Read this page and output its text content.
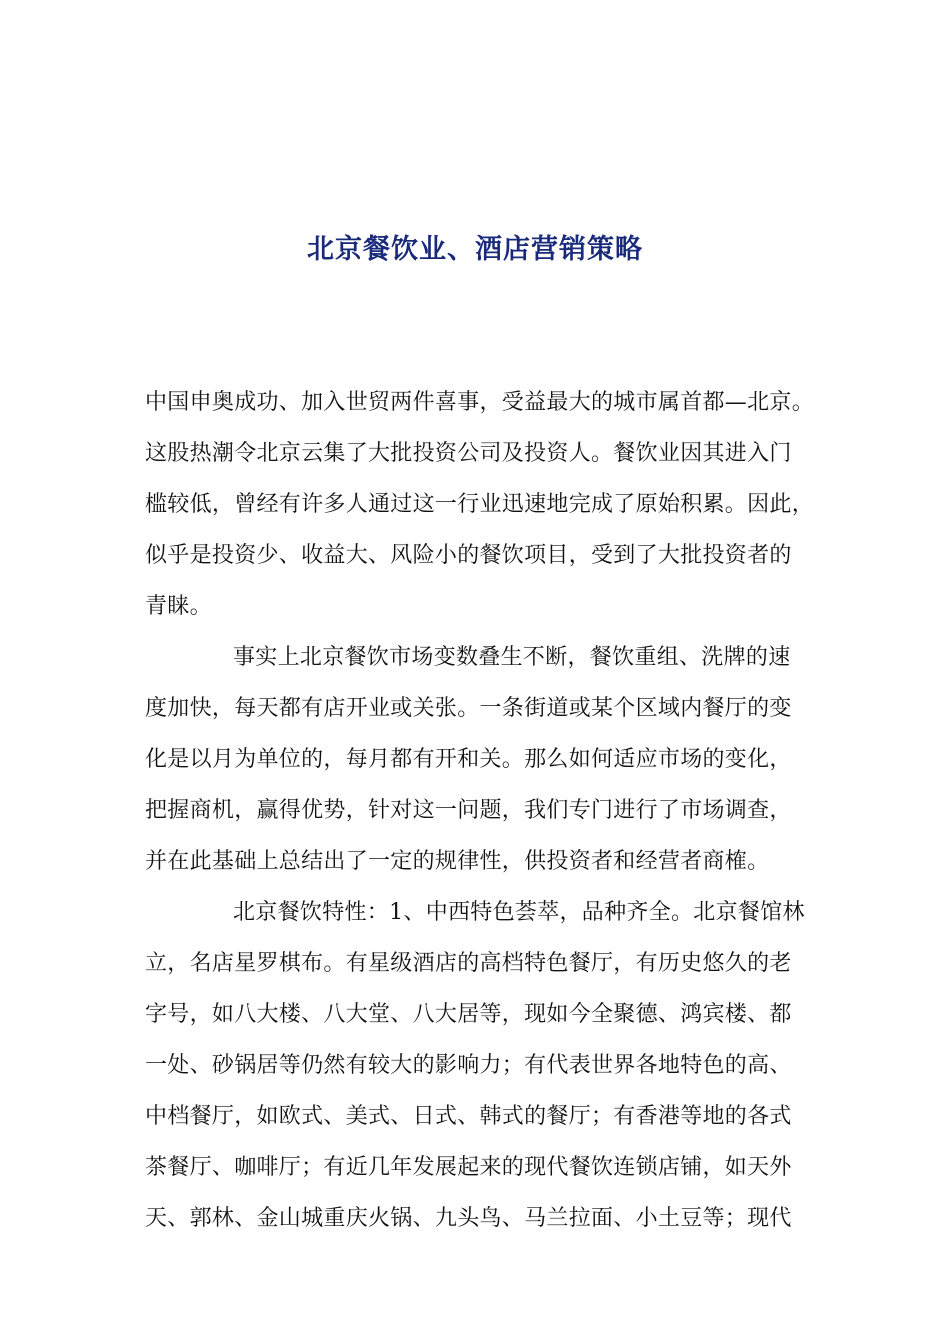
北京餐饮业、酒店营销策略
中国申奥成功、加入世贸两件喜事，受益最大的城市属首都—北京。
这股热潮令北京云集了大批投资公司及投资人。餐饮业因其进入门
槛较低，曾经有许多人通过这一行业迅速地完成了原始积累。因此，
似乎是投资少、收益大、风险小的餐饮项目，受到了大批投资者的
青睐。
事实上北京餐饮市场变数叠生不断，餐饮重组、洗牌的速
度加快，每天都有店开业或关张。一条街道或某个区域内餐厅的变
化是以月为单位的，每月都有开和关。那么如何适应市场的变化，
把握商机，赢得优势，针对这一问题，我们专门进行了市场调查，
并在此基础上总结出了一定的规律性，供投资者和经营者商榷。
北京餐饮特性：1、中西特色荟萃，品种齐全。北京餐馆林
立，名店星罗棋布。有星级酒店的高档特色餐厅，有历史悠久的老
字号，如八大楼、八大堂、八大居等，现如今全聚德、鸿宾楼、都
一处、砂锅居等仍然有较大的影响力；有代表世界各地特色的高、
中档餐厅，如欧式、美式、日式、韩式的餐厅；有香港等地的各式
茶餐厅、咖啡厅；有近几年发展起来的现代餐饮连锁店铺，如天外
天、郭林、金山城重庆火锅、九头鸟、马兰拉面、小土豆等；现代
